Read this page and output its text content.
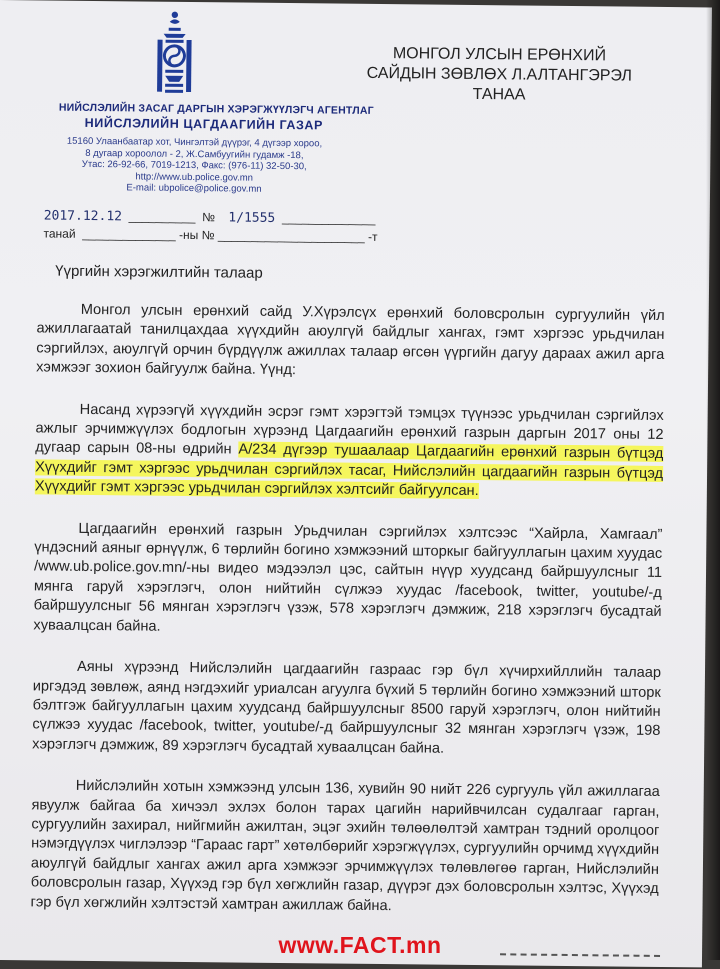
НИЙСЛЭЛИЙН ЗАСАГ ДАРГЫН ХЭРЭГЖҮҮЛЭГЧ АГЕНТЛАГ
НИЙСЛЭЛИЙН ЦАГДААГИЙН ГАЗАР
15160 Улаанбаатар хот, Чингэлтэй дүүрэг, 4 дүгээр хороо,
8 дугаар хороолол - 2, Ж.Самбуугийн гудамж -18,
Утас: 26-92-66, 7019-1213, Факс: (976-11) 32-50-30,
http://www.ub.police.gov.mn
E-mail: ubpolice@police.gov.mn
МОНГОЛ УЛСЫН ЕРӨНХИЙ
САЙДЫН ЗӨВЛӨХ Л.АЛТАНГЭРЭЛ
ТАНАА
2017.12.12  __________  № 1/1555  ______________
танай  ______________ -ны № ______________________ -т
Үүргийн хэрэгжилтийн талаар

Монгол улсын ерөнхий сайд У.Хүрэлсүх ерөнхий боловсролын сургуулийн үйл ажиллагаатай танилцахдаа хүүхдийн аюулгүй байдлыг хангах, гэмт хэргээс урьдчилан сэргийлэх, аюулгүй орчин бүрдүүлж ажиллах талаар өгсөн үүргийн дагуу дараах ажил арга хэмжээг зохион байгуулж байна. Үүнд:

Насанд хүрээгүй хүүхдийн эсрэг гэмт хэрэгтэй тэмцэх түүнээс урьдчилан сэргийлэх ажлыг эрчимжүүлэх бодлогын хүрээнд Цагдаагийн ерөнхий газрын даргын 2017 оны 12 дугаар сарын 08-ны өдрийн А/234 дүгээр тушаалаар Цагдаагийн ерөнхий газрын бүтцэд Хүүхдийг гэмт хэргээс урьдчилан сэргийлэх тасаг, Нийслэлийн цагдаагийн газрын бүтцэд Хүүхдийг гэмт хэргээс урьдчилан сэргийлэх хэлтсийг байгуулсан.

Цагдаагийн ерөнхий газрын Урьдчилан сэргийлэх хэлтсээс “Хайрла, Хамгаал” үндэсний аяныг өрнүүлж, 6 төрлийн богино хэмжээний шторкыг байгууллагын цахим хуудас /www.ub.police.gov.mn/-ны видео мэдээлэл цэс, сайтын нүүр хуудсанд байршуулсныг 11 мянга гаруй хэрэглэгч, олон нийтийн сүлжээ хуудас /facebook, twitter, youtube/-д байршуулсныг 56 мянган хэрэглэгч үзэж, 578 хэрэглэгч дэмжиж, 218 хэрэглэгч бусадтай хуваалцсан байна.

Аяны хүрээнд Нийслэлийн цагдаагийн газраас гэр бүл хүчирхийллийн талаар иргэдэд зөвлөж, аянд нэгдэхийг уриалсан агуулга бүхий 5 төрлийн богино хэмжээний шторк бэлтгэж байгууллагын цахим хуудсанд байршуулсныг 8500 гаруй хэрэглэгч, олон нийтийн сүлжээ хуудас /facebook, twitter, youtube/-д байршуулсныг 32 мянган хэрэглэгч үзэж, 198 хэрэглэгч дэмжиж, 89 хэрэглэгч бусадтай хуваалцсан байна.

Нийслэлийн хотын хэмжээнд улсын 136, хувийн 90 нийт 226 сургууль үйл ажиллагаа явуулж байгаа ба хичээл эхлэх болон тарах цагийн нарийвчилсан судалгааг гарган, сургуулийн захирал, нийгмийн ажилтан, эцэг эхийн төлөөлөлтэй хамтран тэдний оролцоог нэмэгдүүлэх чиглэлээр “Гараас гарт” хөтөлбөрийг хэрэгжүүлэх, сургуулийн орчимд хүүхдийн аюулгүй байдлыг хангах ажил арга хэмжээг эрчимжүүлэх төлөвлөгөө гарган, Нийслэлийн боловсролын газар, Хүүхэд гэр бүл хөгжлийн газар, дүүрэг дэх боловсролын хэлтэс, Хүүхэд гэр бүл хөгжлийн хэлтэстэй хамтран ажиллаж байна.

www.FACT.mn
